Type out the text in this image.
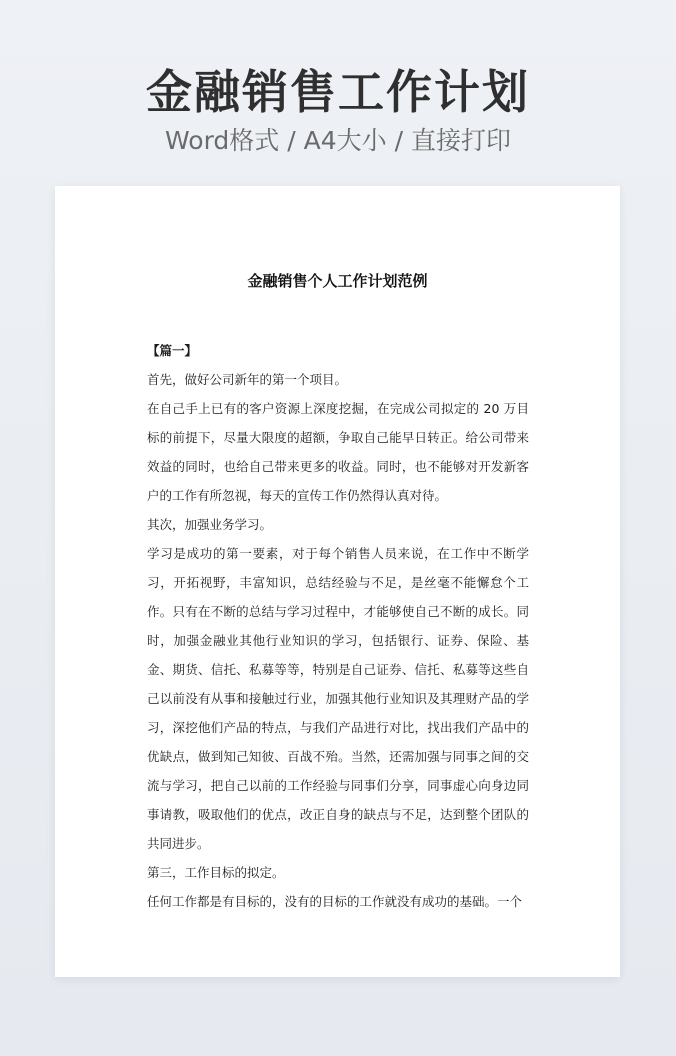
金融销售工作计划
Word格式 / A4大小 / 直接打印
金融销售个人工作计划范例
【篇一】
首先，做好公司新年的第一个项目。
在自己手上已有的客户资源上深度挖掘，在完成公司拟定的 20 万目标的前提下，尽量大限度的超额，争取自己能早日转正。给公司带来效益的同时，也给自己带来更多的收益。同时，也不能够对开发新客户的工作有所忽视，每天的宣传工作仍然得认真对待。
其次，加强业务学习。
学习是成功的第一要素，对于每个销售人员来说，在工作中不断学习，开拓视野，丰富知识，总结经验与不足，是丝毫不能懈怠个工作。只有在不断的总结与学习过程中，才能够使自己不断的成长。同时，加强金融业其他行业知识的学习，包括银行、证券、保险、基金、期货、信托、私募等等，特别是自己证券、信托、私募等这些自己以前没有从事和接触过行业，加强其他行业知识及其理财产品的学习，深挖他们产品的特点，与我们产品进行对比，找出我们产品中的优缺点，做到知己知彼、百战不殆。当然，还需加强与同事之间的交流与学习，把自己以前的工作经验与同事们分享，同事虚心向身边同事请教，吸取他们的优点，改正自身的缺点与不足，达到整个团队的共同进步。
第三，工作目标的拟定。
任何工作都是有目标的，没有的目标的工作就没有成功的基础。一个
